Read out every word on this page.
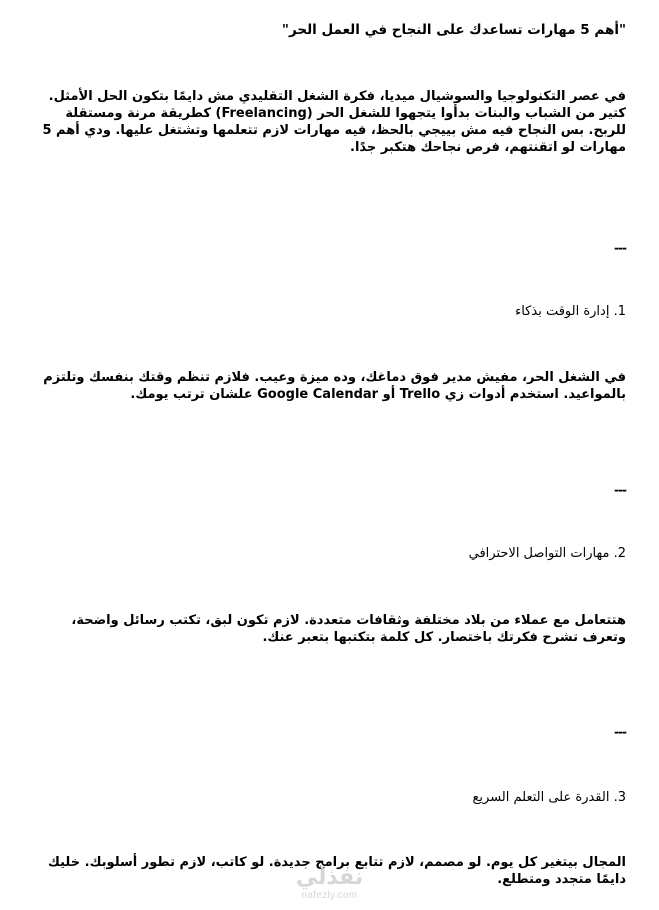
"أهم 5 مهارات تساعدك على النجاح في العمل الحر"

في عصر التكنولوجيا والسوشيال ميديا، فكرة الشغل التقليدي مش دايمًا بتكون الحل الأمثل. كتير من الشباب والبنات بدأوا يتجهوا للشغل الحر (Freelancing) كطريقة مرنة ومستقلة للربح. بس النجاح فيه مش بييجي بالحظ، فيه مهارات لازم تتعلمها وتشتغل عليها. ودي أهم 5 مهارات لو اتقنتهم، فرص نجاحك هتكبر جدًا.

---

1. إدارة الوقت بذكاء

في الشغل الحر، مفيش مدير فوق دماغك، وده ميزة وعيب. فلازم تنظم وقتك بنفسك وتلتزم بالمواعيد. استخدم أدوات زي Trello أو Google Calendar علشان ترتب يومك.

---

2. مهارات التواصل الاحترافي

هتتعامل مع عملاء من بلاد مختلفة وثقافات متعددة. لازم تكون لبق، تكتب رسائل واضحة، وتعرف تشرح فكرتك باختصار. كل كلمة بتكتبها بتعبر عنك.

---

3. القدرة على التعلم السريع

المجال بيتغير كل يوم. لو مصمم، لازم تتابع برامج جديدة. لو كاتب، لازم تطور أسلوبك. خليك دايمًا متجدد ومتطلع.

نفذلي
nafezly.com
